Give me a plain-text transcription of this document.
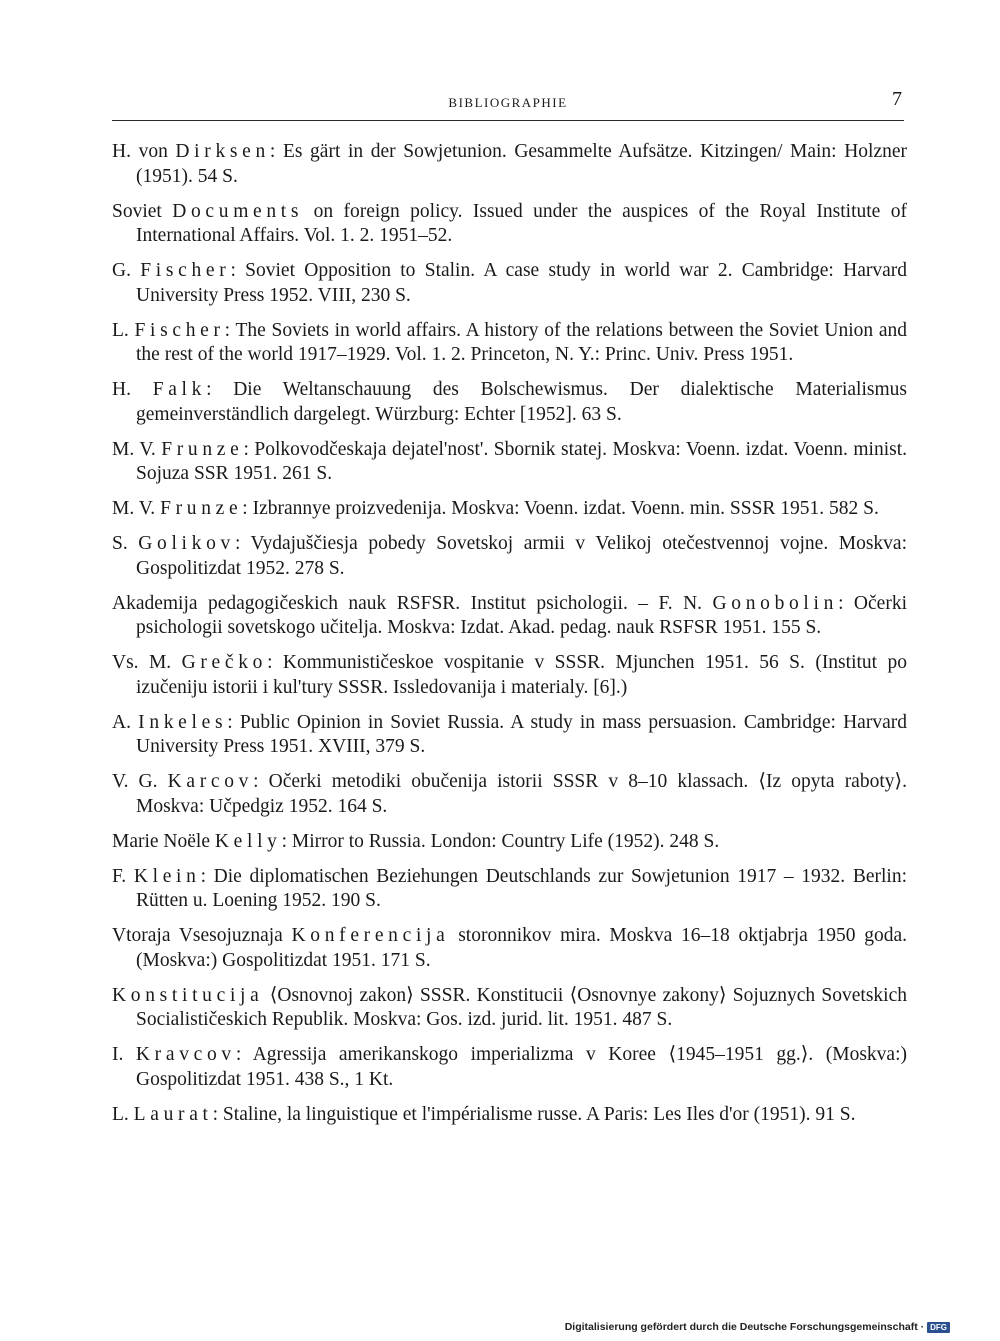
BIBLIOGRAPHIE	7
H. von Dirksen: Es gärt in der Sowjetunion. Gesammelte Aufsätze. Kitzingen/ Main: Holzner (1951). 54 S.
Soviet Documents on foreign policy. Issued under the auspices of the Royal Institute of International Affairs. Vol. 1. 2. 1951–52.
G. Fischer: Soviet Opposition to Stalin. A case study in world war 2. Cambridge: Harvard University Press 1952. VIII, 230 S.
L. Fischer: The Soviets in world affairs. A history of the relations between the Soviet Union and the rest of the world 1917–1929. Vol. 1. 2. Princeton, N. Y.: Princ. Univ. Press 1951.
H. Falk: Die Weltanschauung des Bolschewismus. Der dialektische Materialismus gemeinverständlich dargelegt. Würzburg: Echter [1952]. 63 S.
M. V. Frunze: Polkovodčeskaja dejatel'nost'. Sbornik statej. Moskva: Voenn. izdat. Voenn. minist. Sojuza SSR 1951. 261 S.
M. V. Frunze: Izbrannye proizvedenija. Moskva: Voenn. izdat. Voenn. min. SSSR 1951. 582 S.
S. Golikov: Vydajuščiesja pobedy Sovetskoj armii v Velikoj otečestvennoj vojne. Moskva: Gospolitizdat 1952. 278 S.
Akademija pedagogičeskich nauk RSFSR. Institut psichologii. – F. N. Gonobolin: Očerki psichologii sovetskogo učitelja. Moskva: Izdat. Akad. pedag. nauk RSFSR 1951. 155 S.
Vs. M. Grečko: Kommunističeskoe vospitanie v SSSR. Mjunchen 1951. 56 S. (Institut po izučeniju istorii i kul'tury SSSR. Issledovanija i materialy. [6].)
A. Inkeles: Public Opinion in Soviet Russia. A study in mass persuasion. Cambridge: Harvard University Press 1951. XVIII, 379 S.
V. G. Karcov: Očerki metodiki obučenija istorii SSSR v 8–10 klassach. ⟨Iz opyta raboty⟩. Moskva: Učpedgiz 1952. 164 S.
Marie Noële Kelly: Mirror to Russia. London: Country Life (1952). 248 S.
F. Klein: Die diplomatischen Beziehungen Deutschlands zur Sowjetunion 1917 – 1932. Berlin: Rütten u. Loening 1952. 190 S.
Vtoraja Vsesojuznaja Konferencija storonnikov mira. Moskva 16–18 oktjabrja 1950 goda. (Moskva:) Gospolitizdat 1951. 171 S.
Konstitucija ⟨Osnovnoj zakon⟩ SSSR. Konstitucii ⟨Osnovnye zakony⟩ Sojuznych Sovetskich Socialističeskich Republik. Moskva: Gos. izd. jurid. lit. 1951. 487 S.
I. Kravcov: Agressija amerikanskogo imperializma v Koree ⟨1945–1951 gg.⟩. (Moskva:) Gospolitizdat 1951. 438 S., 1 Kt.
L. Laurat: Staline, la linguistique et l'impérialisme russe. A Paris: Les Iles d'or (1951). 91 S.
Digitalisierung gefördert durch die Deutsche Forschungsgemeinschaft · DFG
